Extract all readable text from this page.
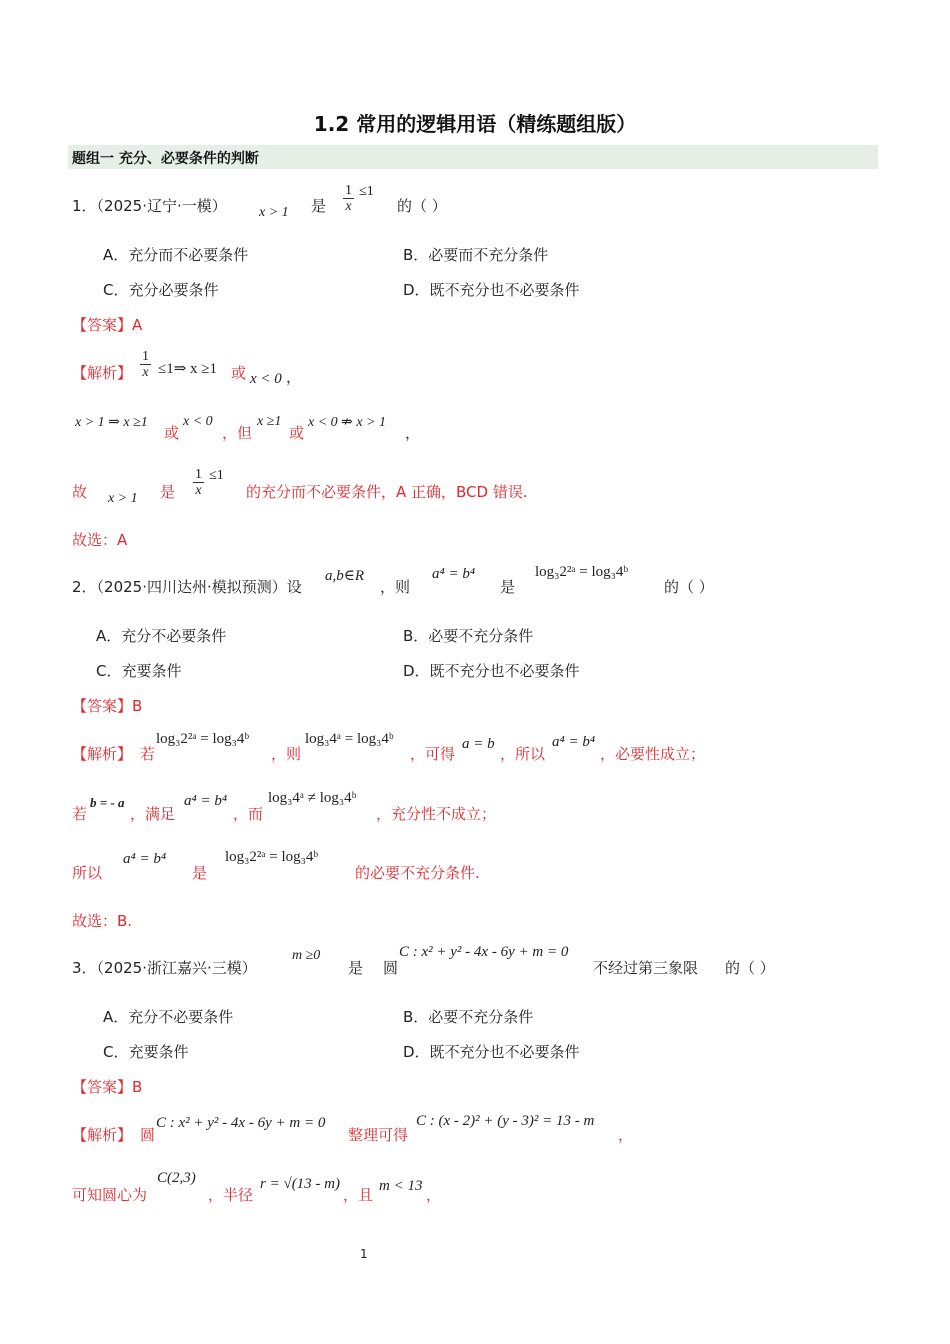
1.2 常用的逻辑用语（精练题组版）
题组一 充分、必要条件的判断
1．（2025·辽宁·一模） x > 1 是 $\frac{1}{x} \le 1$
的（ ）
A．充分而不必要条件	B．必要而不充分条件
C．充分必要条件	D．既不充分也不必要条件
【答案】A
【解析】 $\frac{1}{x}$ ≤1⇒ x ≥1 或 x < 0 ，
x > 1 ⇒ x ≥1
或
x < 0
，但
x ≥1
或
x < 0 ⇏ x > 1
，
故 x > 1 是 $\frac{1}{x} \le 1$
的充分而不必要条件，A 正确，BCD 错误.
故选：A
2．（2025·四川达州·模拟预测）设
a,b∈R
，则
a⁴ = b⁴
是
log₃2²ᵃ = log₃4ᵇ
的（ ）
A．充分不必要条件	B．必要不充分条件
C．充要条件	D．既不充分也不必要条件
【答案】B
【解析】 若
log₃2²ᵃ = log₃4ᵇ
，则
log₃4ᵃ = log₃4ᵇ
，可得
a = b
，所以
a⁴ = b⁴
，必要性成立；
若
b = - a
，满足
a⁴ = b⁴
，而
log₃4ᵃ ≠ log₃4ᵇ
，充分性不成立；
所以
a⁴ = b⁴
是
log₃2²ᵃ = log₃4ᵇ
的必要不充分条件.
故选：B.
3．（2025·浙江嘉兴·三模）
m ≥0
是 圆
C : x² + y² - 4x - 6y + m = 0
不经过第三象限 的（ ）
A．充分不必要条件	B．必要不充分条件
C．充要条件	D．既不充分也不必要条件
【答案】B
【解析】 圆
C : x² + y² - 4x - 6y + m = 0
整理可得
C : (x - 2)² + (y - 3)² = 13 - m
，
可知圆心为
C(2,3)
，半径
r = √(13 - m)
，且 m < 13 ，
1
